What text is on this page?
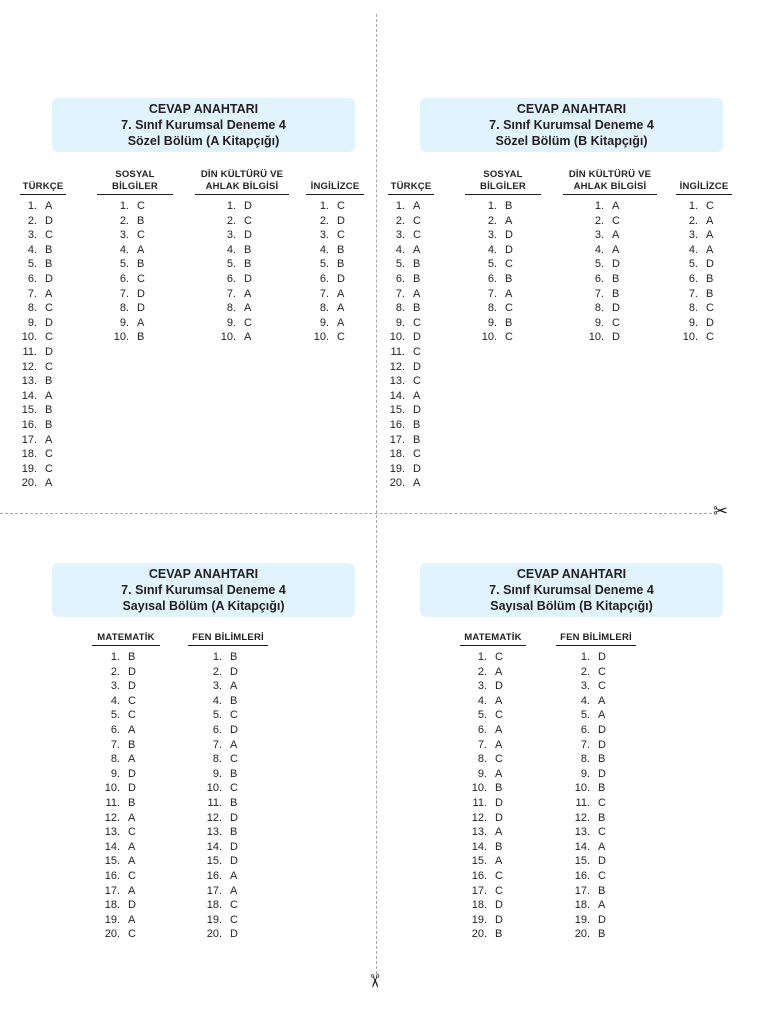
✂
✂
CEVAP ANAHTARI
7. Sınıf Kurumsal Deneme 4
Sözel Bölüm (A Kitapçığı)
TÜRKÇE
1. A
2. D
3. C
4. B
5. B
6. D
7. A
8. C
9. D
10. C
11. D
12. C
13. B
14. A
15. B
16. B
17. A
18. C
19. C
20. A
SOSYAL
BİLGİLER
1. C
2. B
3. C
4. A
5. B
6. C
7. D
8. D
9. A
10. B
DİN KÜLTÜRÜ VE
AHLAK BİLGİSİ
1. D
2. C
3. D
4. B
5. B
6. D
7. A
8. A
9. C
10. A
İNGİLİZCE
1. C
2. D
3. C
4. B
5. B
6. D
7. A
8. A
9. A
10. C
CEVAP ANAHTARI
7. Sınıf Kurumsal Deneme 4
Sözel Bölüm (B Kitapçığı)
TÜRKÇE
1. A
2. C
3. C
4. A
5. B
6. B
7. A
8. B
9. C
10. D
11. C
12. D
13. C
14. A
15. D
16. B
17. B
18. C
19. D
20. A
SOSYAL
BİLGİLER
1. B
2. A
3. D
4. D
5. C
6. B
7. A
8. C
9. B
10. C
DİN KÜLTÜRÜ VE
AHLAK BİLGİSİ
1. A
2. C
3. A
4. A
5. D
6. B
7. B
8. D
9. C
10. D
İNGİLİZCE
1. C
2. A
3. A
4. A
5. D
6. B
7. B
8. C
9. D
10. C
CEVAP ANAHTARI
7. Sınıf Kurumsal Deneme 4
Sayısal Bölüm (A Kitapçığı)
MATEMATİK
1. B
2. D
3. D
4. C
5. C
6. A
7. B
8. A
9. D
10. D
11. B
12. A
13. C
14. A
15. A
16. C
17. A
18. D
19. A
20. C
FEN BİLİMLERİ
1. B
2. D
3. A
4. B
5. C
6. D
7. A
8. C
9. B
10. C
11. B
12. D
13. B
14. D
15. D
16. A
17. A
18. C
19. C
20. D
CEVAP ANAHTARI
7. Sınıf Kurumsal Deneme 4
Sayısal Bölüm (B Kitapçığı)
MATEMATİK
1. C
2. A
3. D
4. A
5. C
6. A
7. A
8. C
9. A
10. B
11. D
12. D
13. A
14. B
15. A
16. C
17. C
18. D
19. D
20. B
FEN BİLİMLERİ
1. D
2. C
3. C
4. A
5. A
6. D
7. D
8. B
9. D
10. B
11. C
12. B
13. C
14. A
15. D
16. C
17. B
18. A
19. D
20. B
